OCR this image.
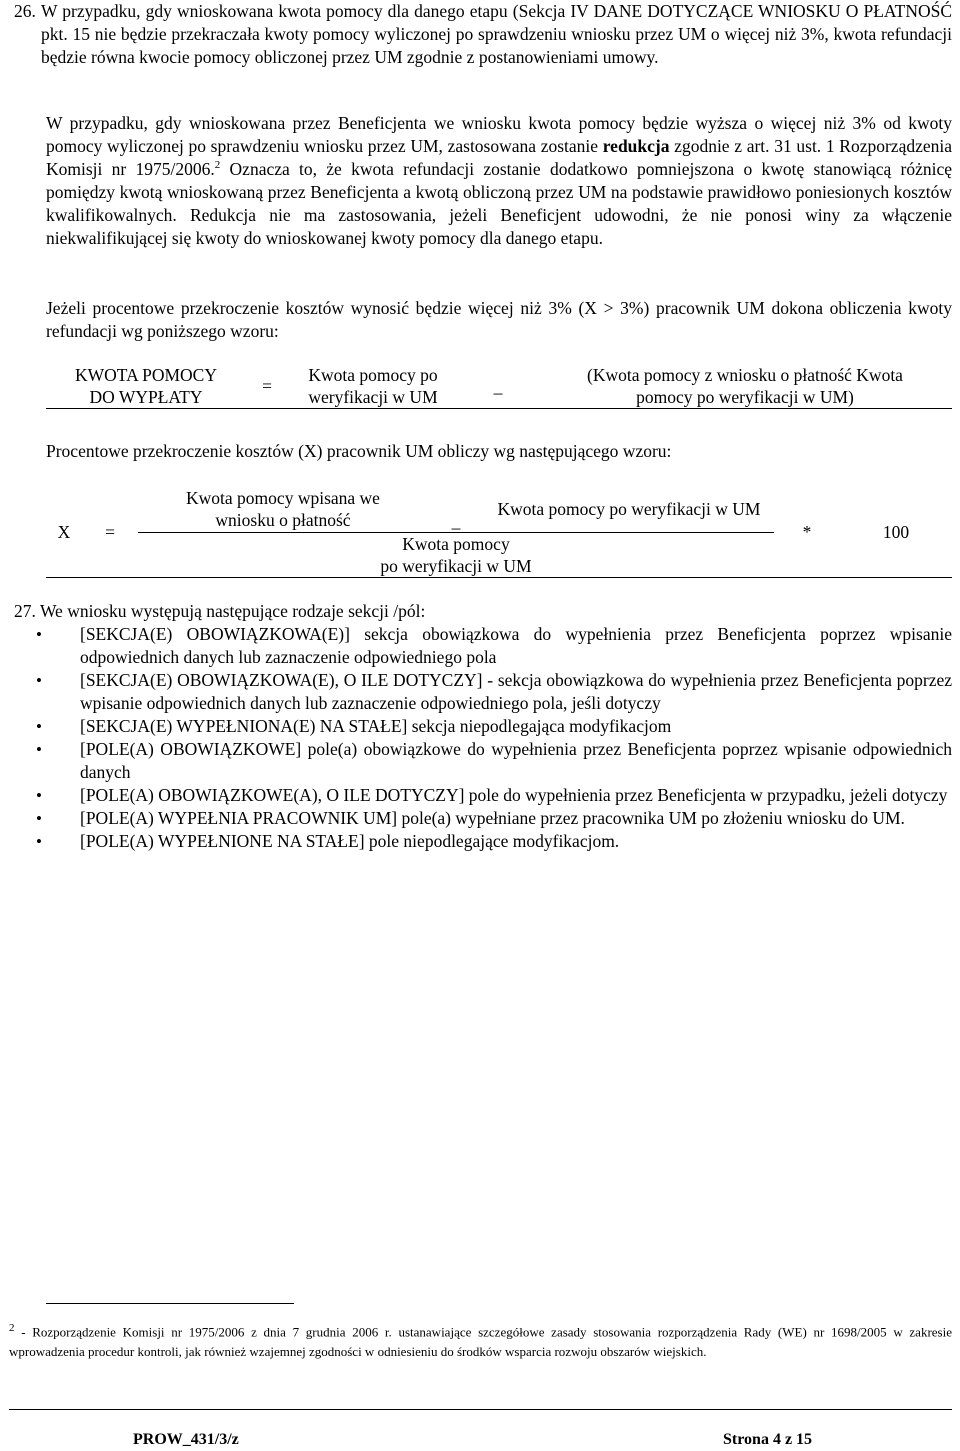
26. W przypadku, gdy wnioskowana kwota pomocy dla danego etapu (Sekcja IV DANE DOTYCZĄCE WNIOSKU O PŁATNOŚĆ pkt. 15 nie będzie przekraczała kwoty pomocy wyliczonej po sprawdzeniu wniosku przez UM o więcej niż 3%, kwota refundacji będzie równa kwocie pomocy obliczonej przez UM zgodnie z postanowieniami umowy.

W przypadku, gdy wnioskowana przez Beneficjenta we wniosku kwota pomocy będzie wyższa o więcej niż 3% od kwoty pomocy wyliczonej po sprawdzeniu wniosku przez UM, zastosowana zostanie redukcja zgodnie z art. 31 ust. 1 Rozporządzenia Komisji nr 1975/2006.$^2$ Oznacza to, że kwota refundacji zostanie dodatkowo pomniejszona o kwotę stanowiącą różnicę pomiędzy kwotą wnioskowaną przez Beneficjenta a kwotą obliczoną przez UM na podstawie prawidłowo poniesionych kosztów kwalifikowalnych. Redukcja nie ma zastosowania, jeżeli Beneficjent udowodni, że nie ponosi winy za włączenie niekwalifikującej się kwoty do wnioskowanej kwoty pomocy dla danego etapu.

Jeżeli procentowe przekroczenie kosztów wynosić będzie więcej niż 3% (X > 3%) pracownik UM dokona obliczenia kwoty refundacji wg poniższego wzoru:

KWOTA POMOCY
DO WYPŁATY
	=	
Kwota pomocy po
weryfikacji w UM
	_	
(Kwota pomocy z wniosku o płatność Kwota
pomocy po weryfikacji w UM)

Procentowe przekroczenie kosztów (X) pracownik UM obliczy wg następującego wzoru:

X	=	
Kwota pomocy wpisana we
wniosku o płatność	_	Kwota pomocy po weryfikacji w UM	*	100

Kwota pomocy
po weryfikacji w UM

27. We wniosku występują następujące rodzaje sekcji /pól:

• [SEKCJA(E) OBOWIĄZKOWA(E)] sekcja obowiązkowa do wypełnienia przez Beneficjenta poprzez wpisanie odpowiednich danych lub zaznaczenie odpowiedniego pola
• [SEKCJA(E) OBOWIĄZKOWA(E), O ILE DOTYCZY] - sekcja obowiązkowa do wypełnienia przez Beneficjenta poprzez wpisanie odpowiednich danych lub zaznaczenie odpowiedniego pola, jeśli dotyczy
• [SEKCJA(E) WYPEŁNIONA(E) NA STAŁE] sekcja niepodlegająca modyfikacjom
• [POLE(A) OBOWIĄZKOWE] pole(a) obowiązkowe do wypełnienia przez Beneficjenta poprzez wpisanie odpowiednich danych
• [POLE(A) OBOWIĄZKOWE(A), O ILE DOTYCZY] pole do wypełnienia przez Beneficjenta w przypadku, jeżeli dotyczy
• [POLE(A) WYPEŁNIA PRACOWNIK UM] pole(a) wypełniane przez pracownika UM po złożeniu wniosku do UM.
• [POLE(A) WYPEŁNIONE NA STAŁE] pole niepodlegające modyfikacjom.

$^2$ - Rozporządzenie Komisji nr 1975/2006 z dnia 7 grudnia 2006 r. ustanawiające szczegółowe zasady stosowania rozporządzenia Rady (WE) nr 1698/2005 w zakresie wprowadzenia procedur kontroli, jak również wzajemnej zgodności w odniesieniu do środków wsparcia rozwoju obszarów wiejskich.

PROW_431/3/z	Strona 4 z 15
